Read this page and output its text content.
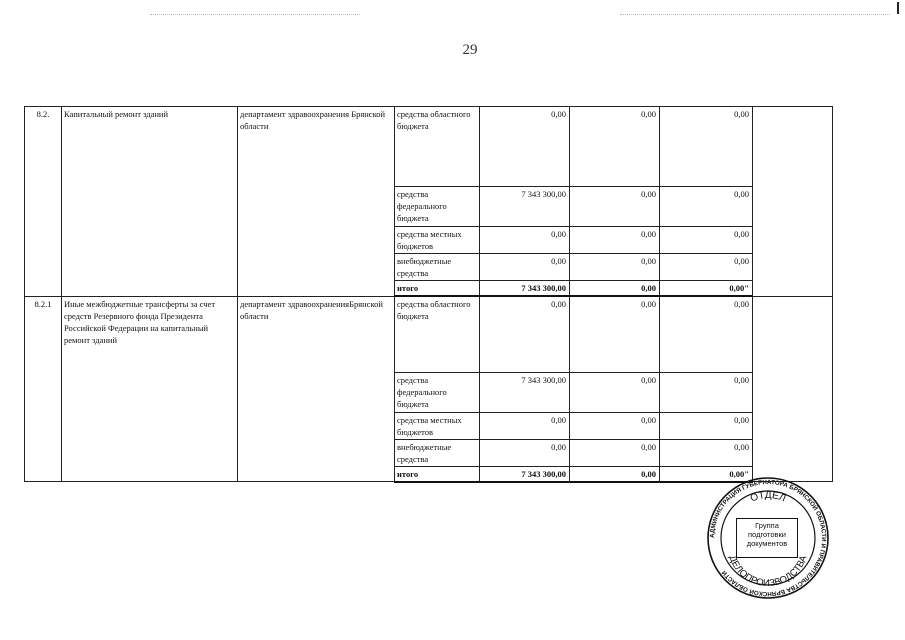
29
8.2.	Капитальный ремонт зданий	департамент здравоохранения Брянской области	средства областного бюджета	0,00	0,00	0,00	
			средства федерального бюджета	7 343 300,00	0,00	0,00	
			средства местных бюджетов	0,00	0,00	0,00	
			внебюджетные средства	0,00	0,00	0,00	
			итого	7 343 300,00	0,00	0,00"	
8.2.1	Иные межбюджетные трансферты за счет средств Резервного фонда Президента Российской Федерации на капитальный ремонт зданий	департамент здравоохраненияБрянской области	средства областного бюджета	0,00	0,00	0,00	
			средства федерального бюджета	7 343 300,00	0,00	0,00	
			средства местных бюджетов	0,00	0,00	0,00	
			внебюджетные средства	0,00	0,00	0,00	
			итого	7 343 300,00	0,00	0,00"	
АДМИНИСТРАЦИЯ ГУБЕРНАТОРА БРЯНСКОЙ ОБЛАСТИ И ПРАВИТЕЛЬСТВА БРЯНСКОЙ ОБЛАСТИ
ОТДЕЛ
ДЕЛОПРОИЗВОДСТВА
Группа
подготовки
документов
